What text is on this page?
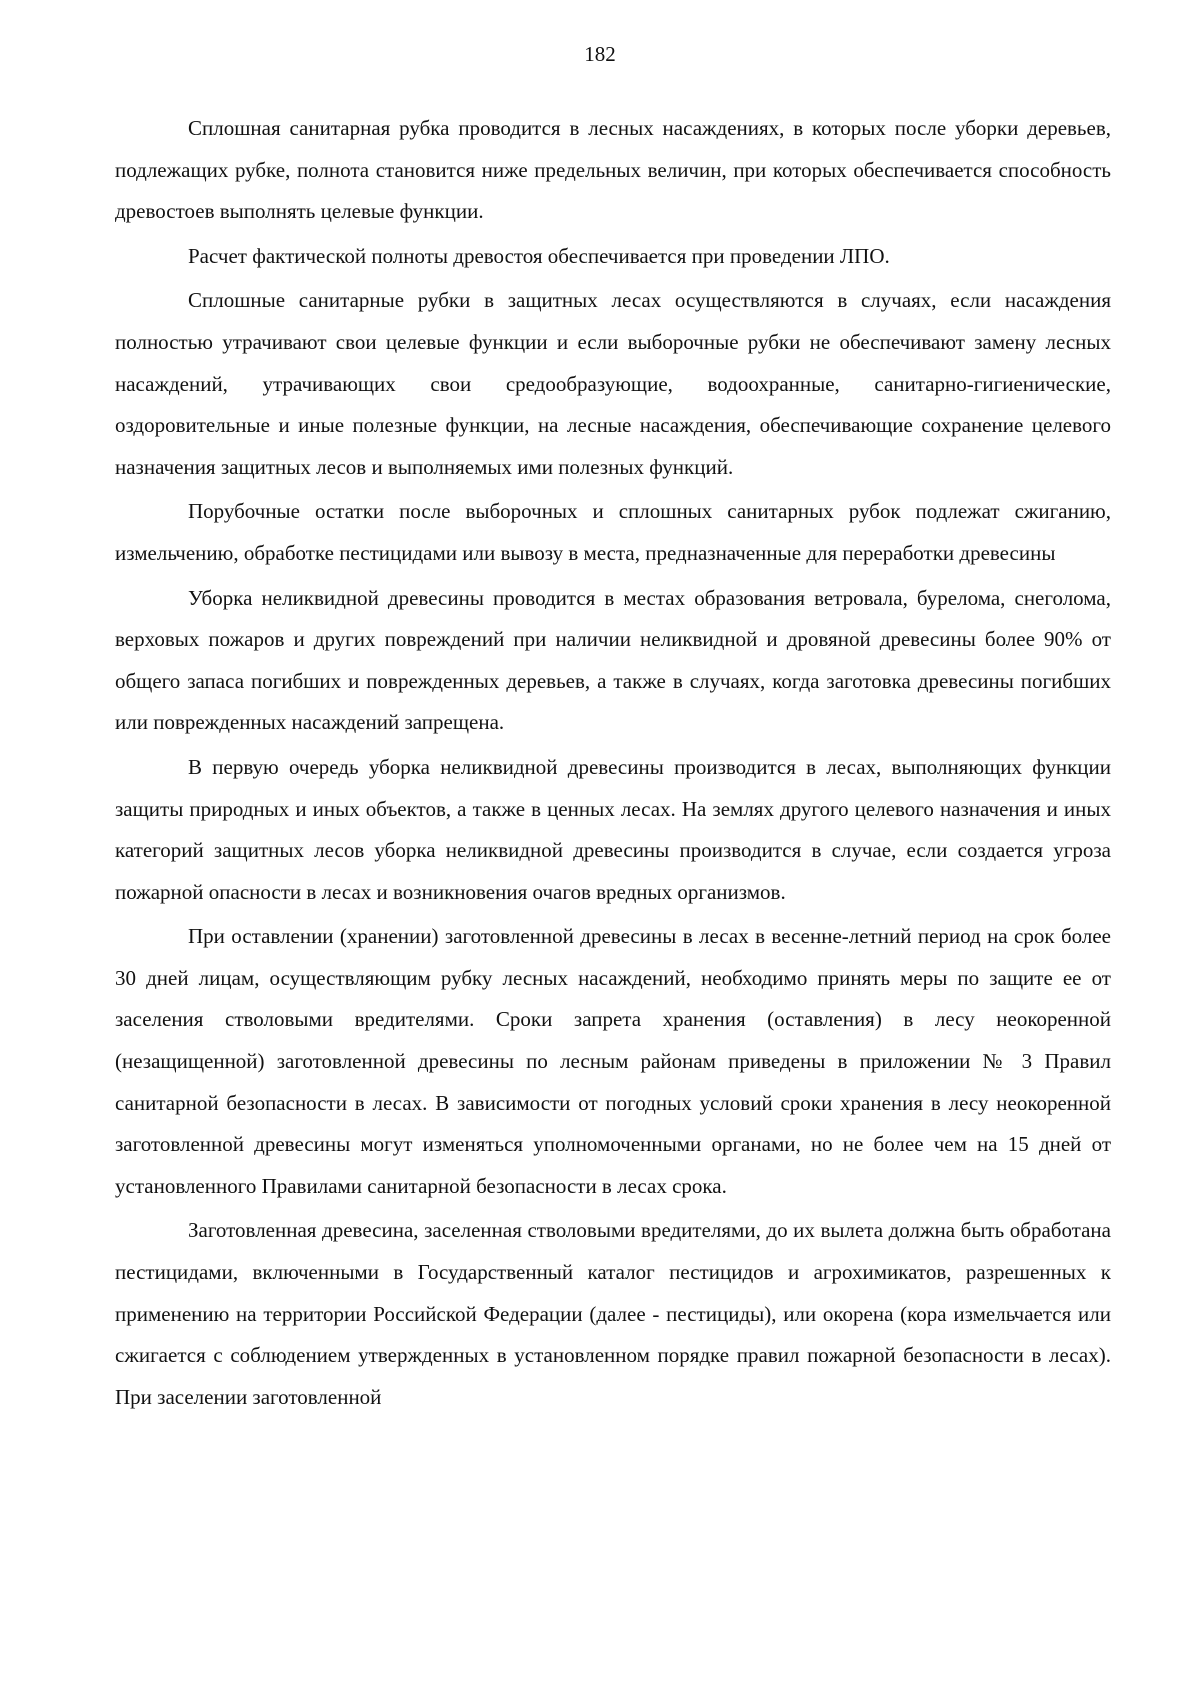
182

Сплошная санитарная рубка проводится в лесных насаждениях, в которых после уборки деревьев, подлежащих рубке, полнота становится ниже предельных величин, при которых обеспечивается способность древостоев выполнять целевые функции.

Расчет фактической полноты древостоя обеспечивается при проведении ЛПО.

Сплошные санитарные рубки в защитных лесах осуществляются в случаях, если насаждения полностью утрачивают свои целевые функции и если выборочные рубки не обеспечивают замену лесных насаждений, утрачивающих свои средообразующие, водоохранные, санитарно-гигиенические, оздоровительные и иные полезные функции, на лесные насаждения, обеспечивающие сохранение целевого назначения защитных лесов и выполняемых ими полезных функций.

Порубочные остатки после выборочных и сплошных санитарных рубок подлежат сжиганию, измельчению, обработке пестицидами или вывозу в места, предназначенные для переработки древесины

Уборка неликвидной древесины проводится в местах образования ветровала, бурелома, снеголома, верховых пожаров и других повреждений при наличии неликвидной и дровяной древесины более 90% от общего запаса погибших и поврежденных деревьев, а также в случаях, когда заготовка древесины погибших или поврежденных насаждений запрещена.

В первую очередь уборка неликвидной древесины производится в лесах, выполняющих функции защиты природных и иных объектов, а также в ценных лесах. На землях другого целевого назначения и иных категорий защитных лесов уборка неликвидной древесины производится в случае, если создается угроза пожарной опасности в лесах и возникновения очагов вредных организмов.

При оставлении (хранении) заготовленной древесины в лесах в весенне-летний период на срок более 30 дней лицам, осуществляющим рубку лесных насаждений, необходимо принять меры по защите ее от заселения стволовыми вредителями. Сроки запрета хранения (оставления) в лесу неокоренной (незащищенной) заготовленной древесины по лесным районам приведены в приложении № 3 Правил санитарной безопасности в лесах. В зависимости от погодных условий сроки хранения в лесу неокоренной заготовленной древесины могут изменяться уполномоченными органами, но не более чем на 15 дней от установленного Правилами санитарной безопасности в лесах срока.

Заготовленная древесина, заселенная стволовыми вредителями, до их вылета должна быть обработана пестицидами, включенными в Государственный каталог пестицидов и агрохимикатов, разрешенных к применению на территории Российской Федерации (далее - пестициды), или окорена (кора измельчается или сжигается с соблюдением утвержденных в установленном порядке правил пожарной безопасности в лесах). При заселении заготовленной
